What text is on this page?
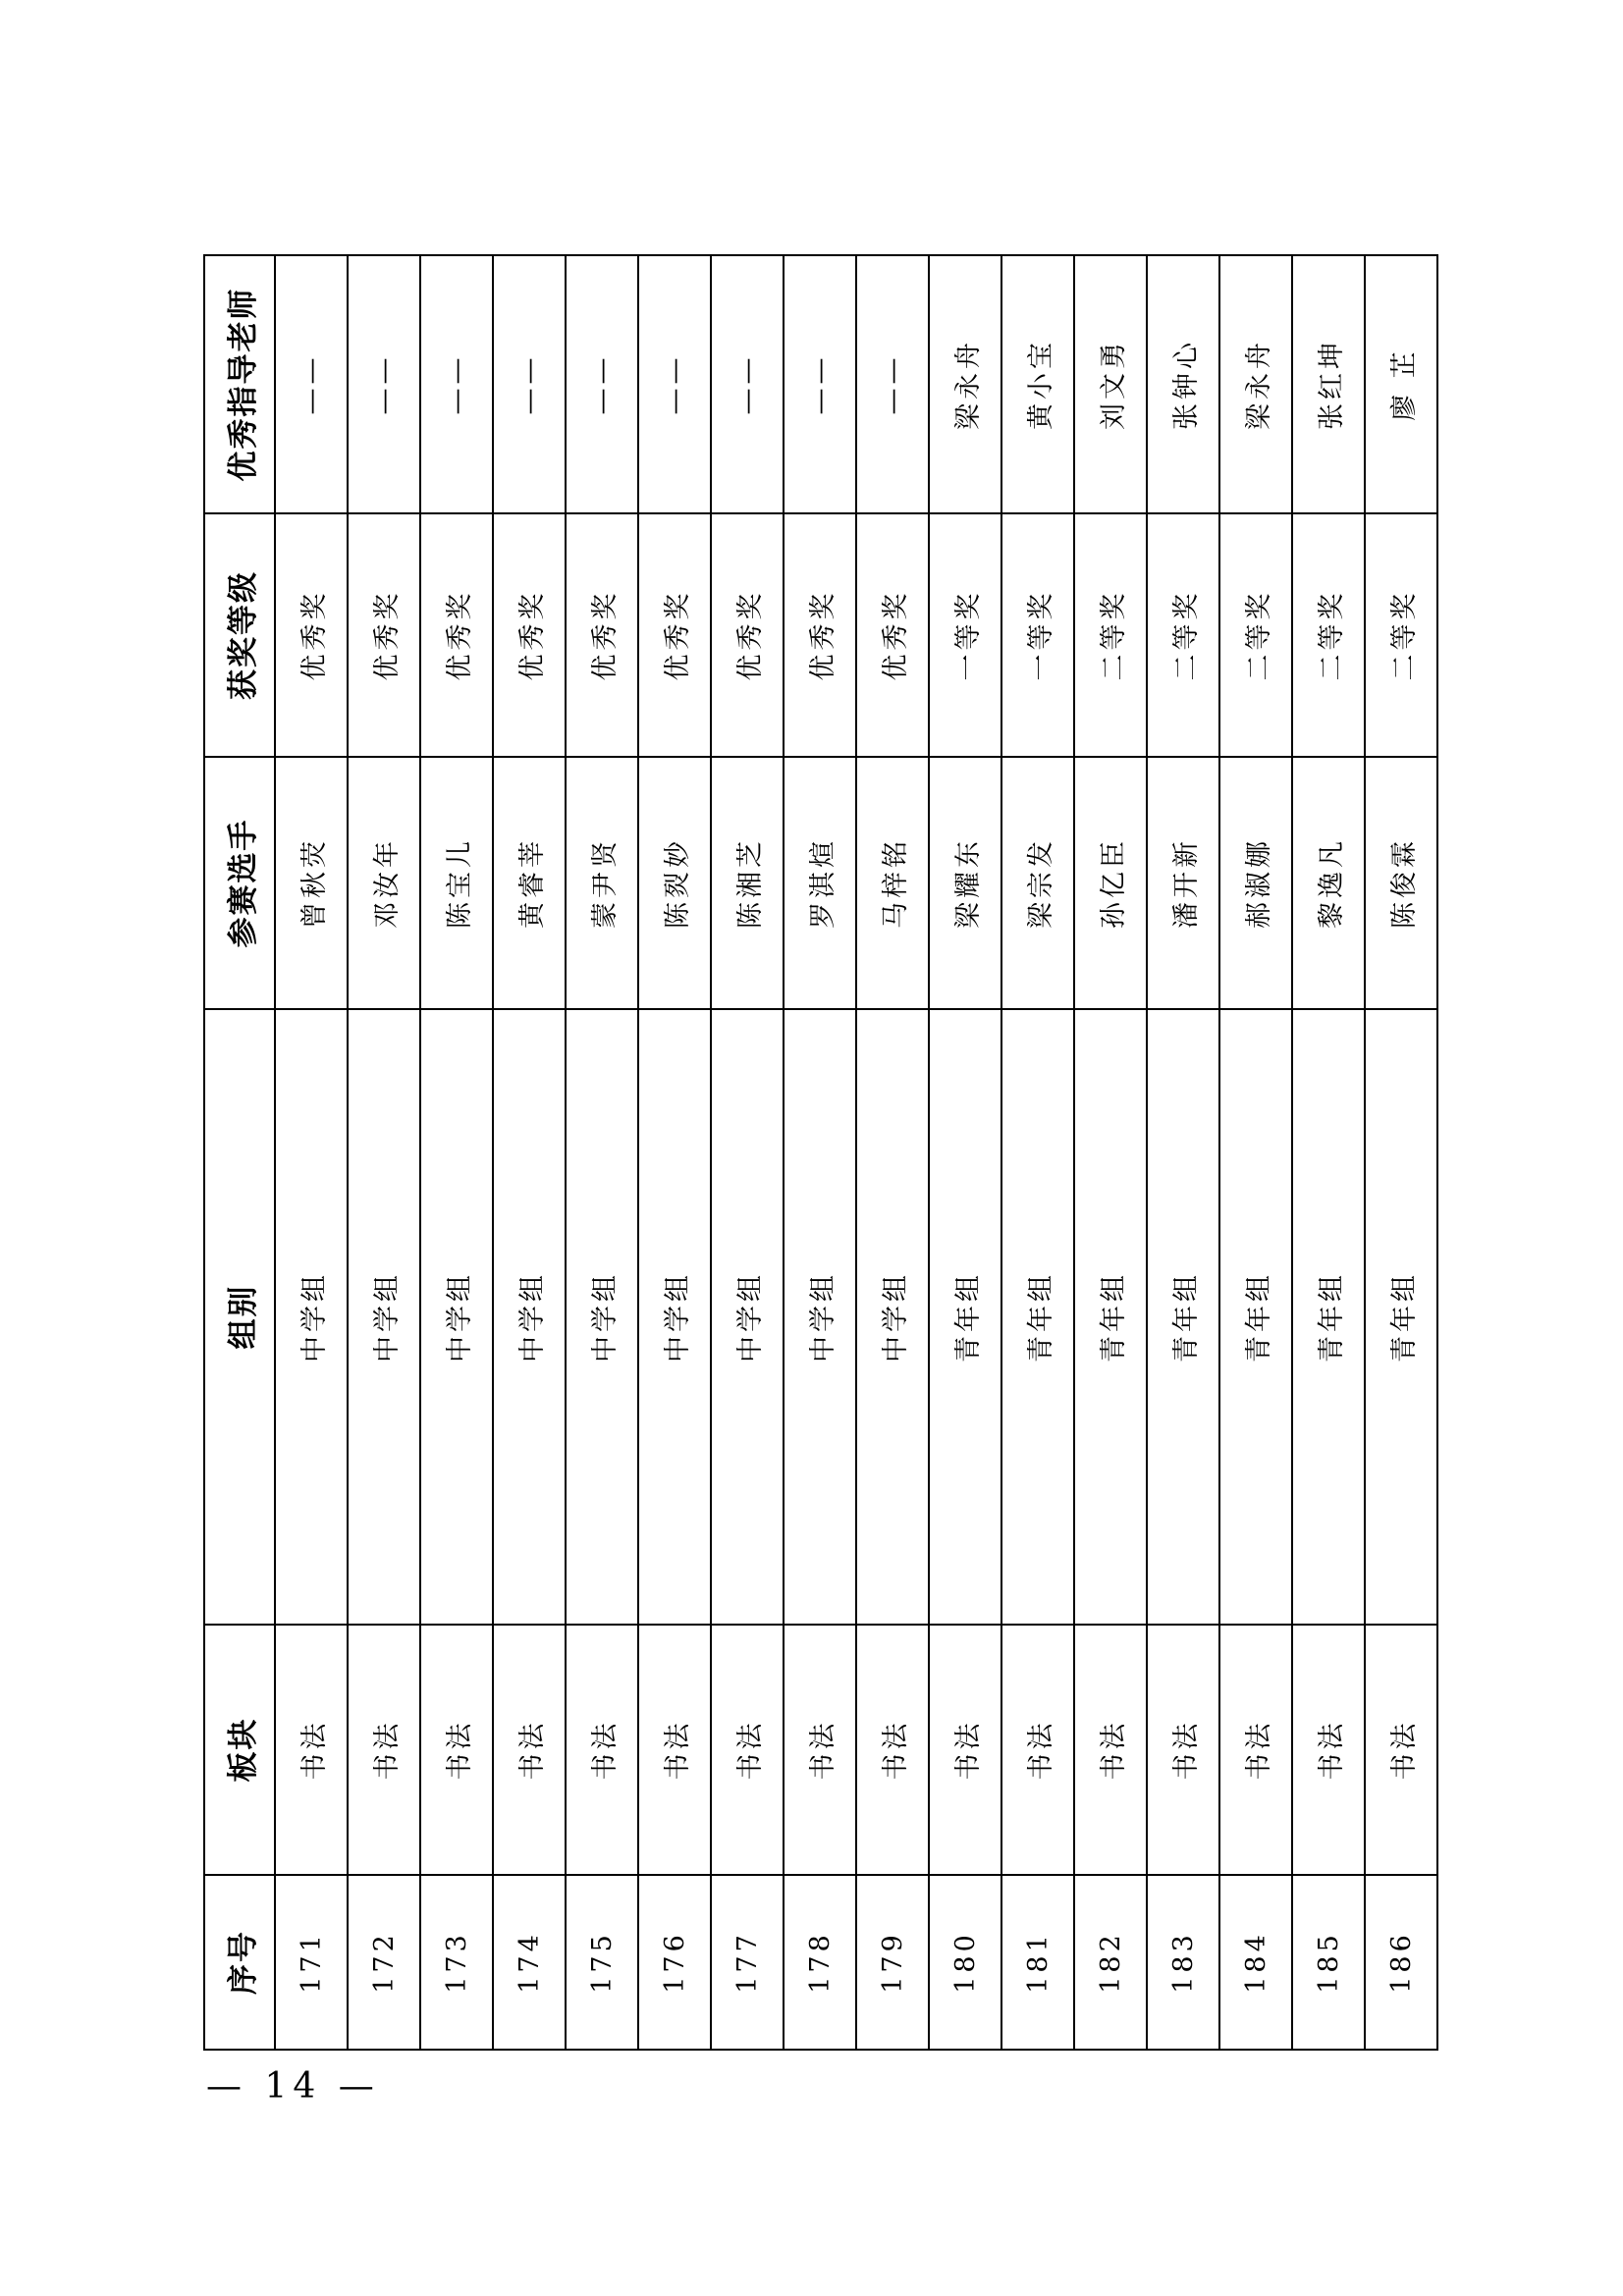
序号	板块	组别	参赛选手	获奖等级	优秀指导老师
171	书法	中学组	曾秋荧	优秀奖	——
172	书法	中学组	邓汝年	优秀奖	——
173	书法	中学组	陈宝儿	优秀奖	——
174	书法	中学组	黄睿莘	优秀奖	——
175	书法	中学组	蒙尹贤	优秀奖	——
176	书法	中学组	陈烮妙	优秀奖	——
177	书法	中学组	陈湘芝	优秀奖	——
178	书法	中学组	罗淇煊	优秀奖	——
179	书法	中学组	马梓铭	优秀奖	——
180	书法	青年组	梁耀东	一等奖	梁永舟
181	书法	青年组	梁宗发	一等奖	黄小宝
182	书法	青年组	孙亿臣	二等奖	刘文勇
183	书法	青年组	潘开新	二等奖	张钟心
184	书法	青年组	郝淑娜	二等奖	梁永舟
185	书法	青年组	黎逸凡	二等奖	张红坤
186	书法	青年组	陈俊霖	二等奖	廖 芷
— 14 —
